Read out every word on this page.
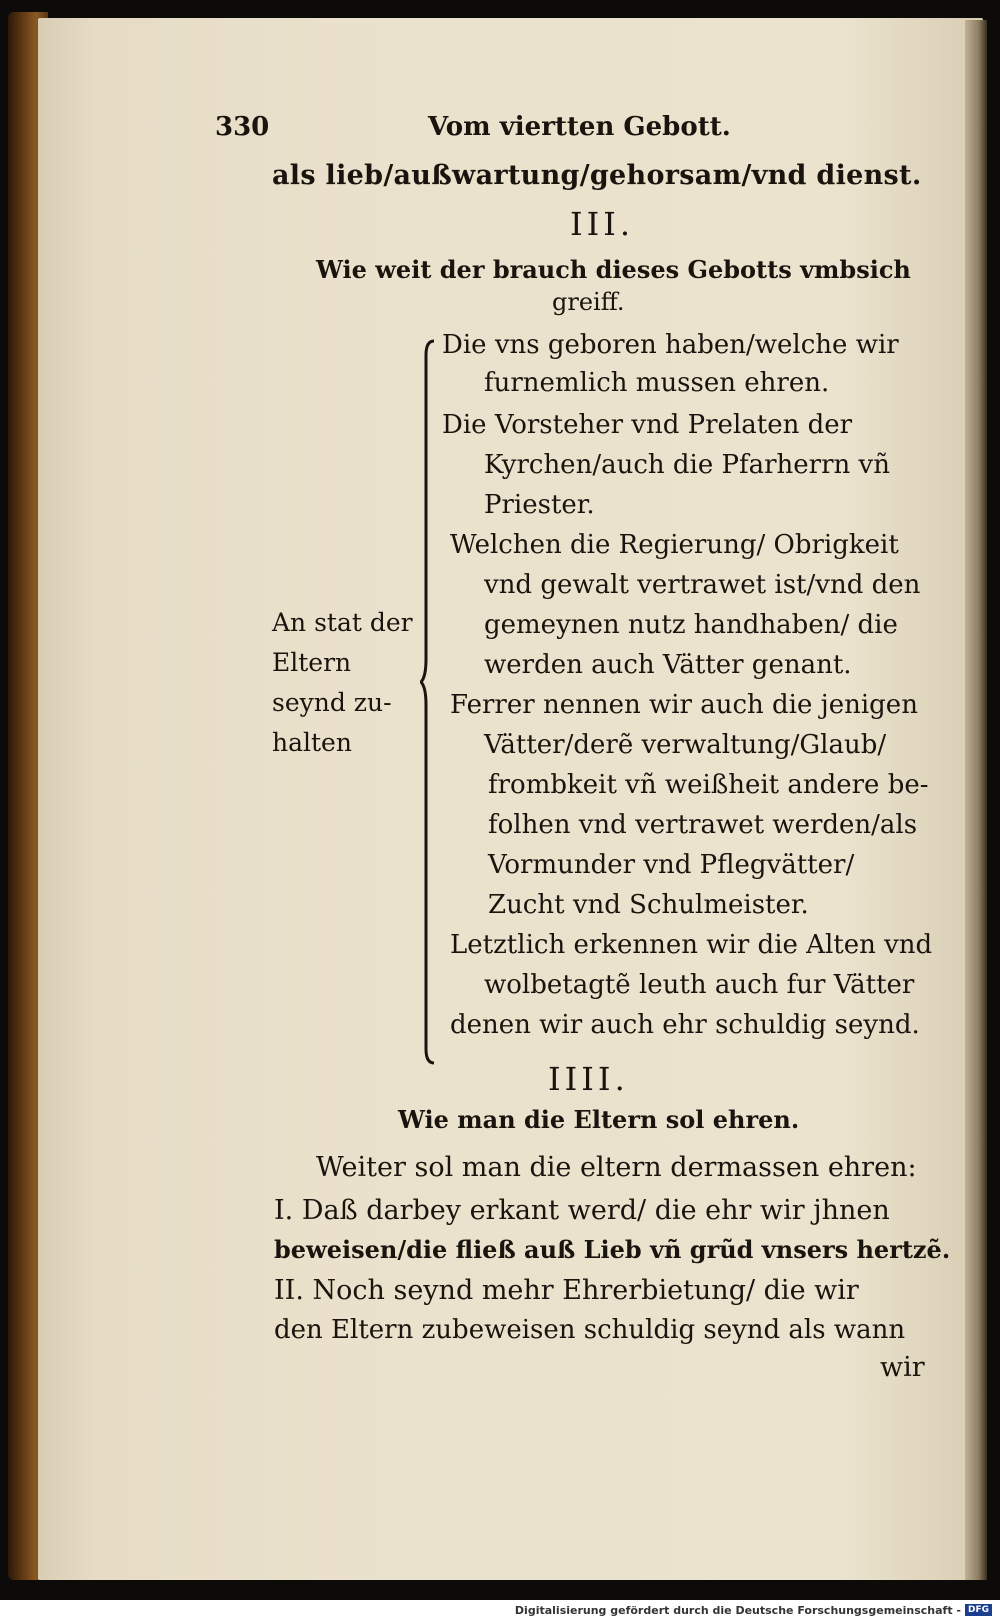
330	Vom viertten Gebott.

als lieb/außwartung/gehorsam/vnd dienst.

III.

Wie weit der brauch dieses Gebotts vmbsich

greiff.

An stat der

Eltern

seynd zu-

halten

Die vns geboren haben/welche wir

furnemlich mussen ehren.

Die Vorsteher vnd Prelaten der

Kyrchen/auch die Pfarherrn vñ

Priester.

Welchen die Regierung/ Obrigkeit

vnd gewalt vertrawet ist/vnd den

gemeynen nutz handhaben/ die

werden auch Vätter genant.

Ferrer nennen wir auch die jenigen

Vätter/derẽ verwaltung/Glaub/

frombkeit vñ weißheit andere be-

folhen vnd vertrawet werden/als

Vormunder vnd Pflegvätter/

Zucht vnd Schulmeister.

Letztlich erkennen wir die Alten vnd

wolbetagtẽ leuth auch fur Vätter

denen wir auch ehr schuldig seynd.

IIII.

Wie man die Eltern sol ehren.

Weiter sol man die eltern dermassen ehren:

I. Daß darbey erkant werd/ die ehr wir jhnen

beweisen/die fließ auß Lieb vñ grũd vnsers hertzẽ.

II. Noch seynd mehr Ehrerbietung/ die wir

den Eltern zubeweisen schuldig seynd als wann

wir

Digitalisierung gefördert durch die Deutsche Forschungsgemeinschaft - DFG
